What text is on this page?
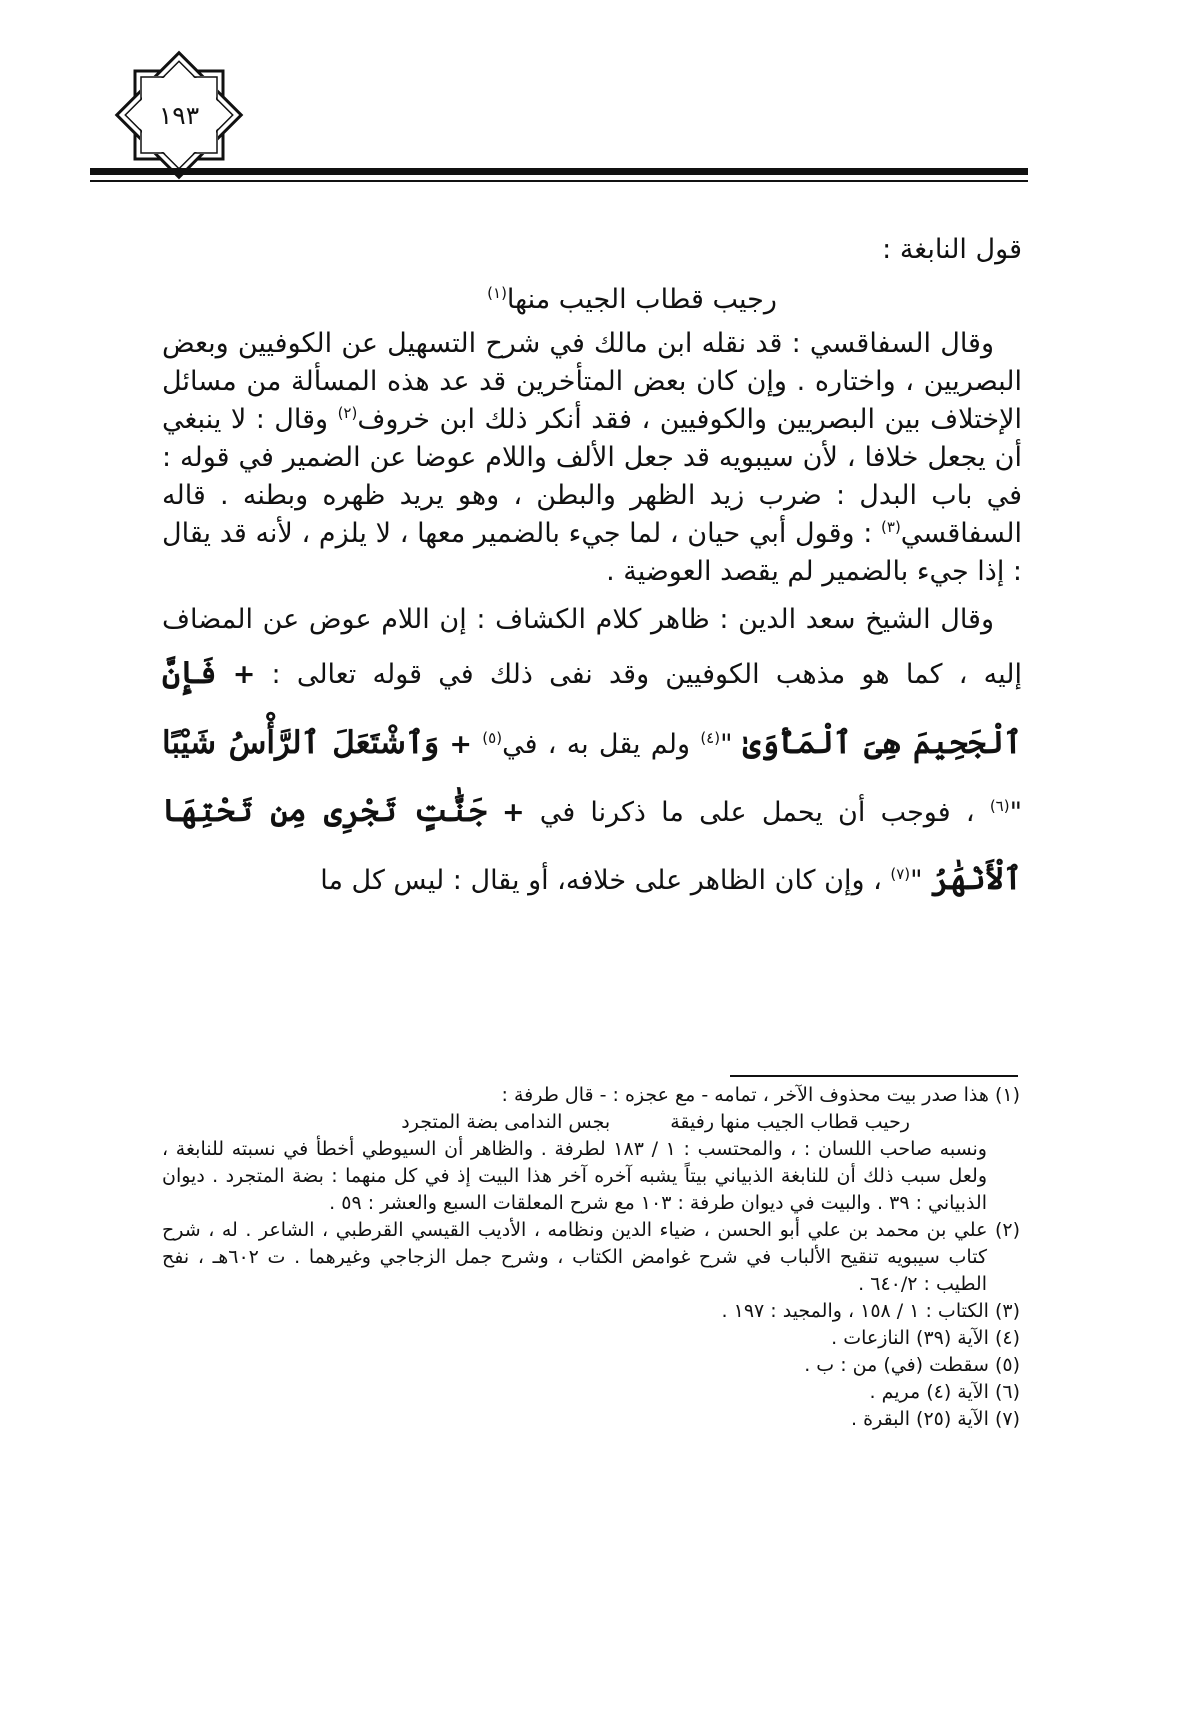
١٩٣

قول النابغة :

رجيب قطاب الجيب منها$^{(١)}$

وقال السفاقسي : قد نقله ابن مالك في شرح التسهيل عن الكوفيين وبعض البصريين ، واختاره . وإن كان بعض المتأخرين قد عد هذه المسألة من مسائل الإختلاف بين البصريين والكوفيين ، فقد أنكر ذلك ابن خروف$^{(٢)}$ وقال : لا ينبغي أن يجعل خلافا ، لأن سيبويه قد جعل الألف واللام عوضا عن الضمير في قوله : في باب البدل : ضرب زيد الظهر والبطن ، وهو يريد ظهره وبطنه . قاله السفاقسي$^{(٣)}$ : وقول أبي حيان ، لما جيء بالضمير معها ، لا يلزم ، لأنه قد يقال : إذا جيء بالضمير لم يقصد العوضية .

وقال الشيخ سعد الدين : ظاهر كلام الكشاف : إن اللام عوض عن المضاف إليه ، كما هو مذهب الكوفيين وقد نفى ذلك في قوله تعالى : + فَإِنَّ ٱلْجَحِيمَ هِىَ ٱلْمَأْوَىٰ "$^{(٤)}$ ولم يقل به ، في$^{(٥)}$ + وَٱشْتَعَلَ ٱلرَّأْسُ شَيْبًا "$^{(٦)}$ ، فوجب أن يحمل على ما ذكرنا في + جَنَّٰتٍ تَجْرِى مِن تَحْتِهَا ٱلْأَنْهَٰرُ "$^{(٧)}$ ، وإن كان الظاهر على خلافه، أو يقال : ليس كل ما

(١) هذا صدر بيت محذوف الآخر ، تمامه - مع عجزه : - قال طرفة :

رحيب قطاب الجيب منها رفيقة
بجس الندامى بضة المتجرد

ونسبه صاحب اللسان : ، والمحتسب : ١ / ١٨٣ لطرفة . والظاهر أن السيوطي أخطأ في نسبته للنابغة ، ولعل سبب ذلك أن للنابغة الذبياني بيتاً يشبه آخره آخر هذا البيت إذ في كل منهما : بضة المتجرد . ديوان الذبياني : ٣٩ . والبيت في ديوان طرفة : ١٠٣ مع شرح المعلقات السبع والعشر : ٥٩ .

(٢) علي بن محمد بن علي أبو الحسن ، ضياء الدين ونظامه ، الأديب القيسي القرطبي ، الشاعر . له ، شرح كتاب سيبويه تنقيح الألباب في شرح غوامض الكتاب ، وشرح جمل الزجاجي وغيرهما . ت ٦٠٢هـ ، نفح الطيب : ٦٤٠/٢ .

(٣) الكتاب : ١ / ١٥٨ ، والمجيد : ١٩٧ .

(٤) الآية (٣٩) النازعات .

(٥) سقطت (في) من : ب .

(٦) الآية (٤) مريم .

(٧) الآية (٢٥) البقرة .
